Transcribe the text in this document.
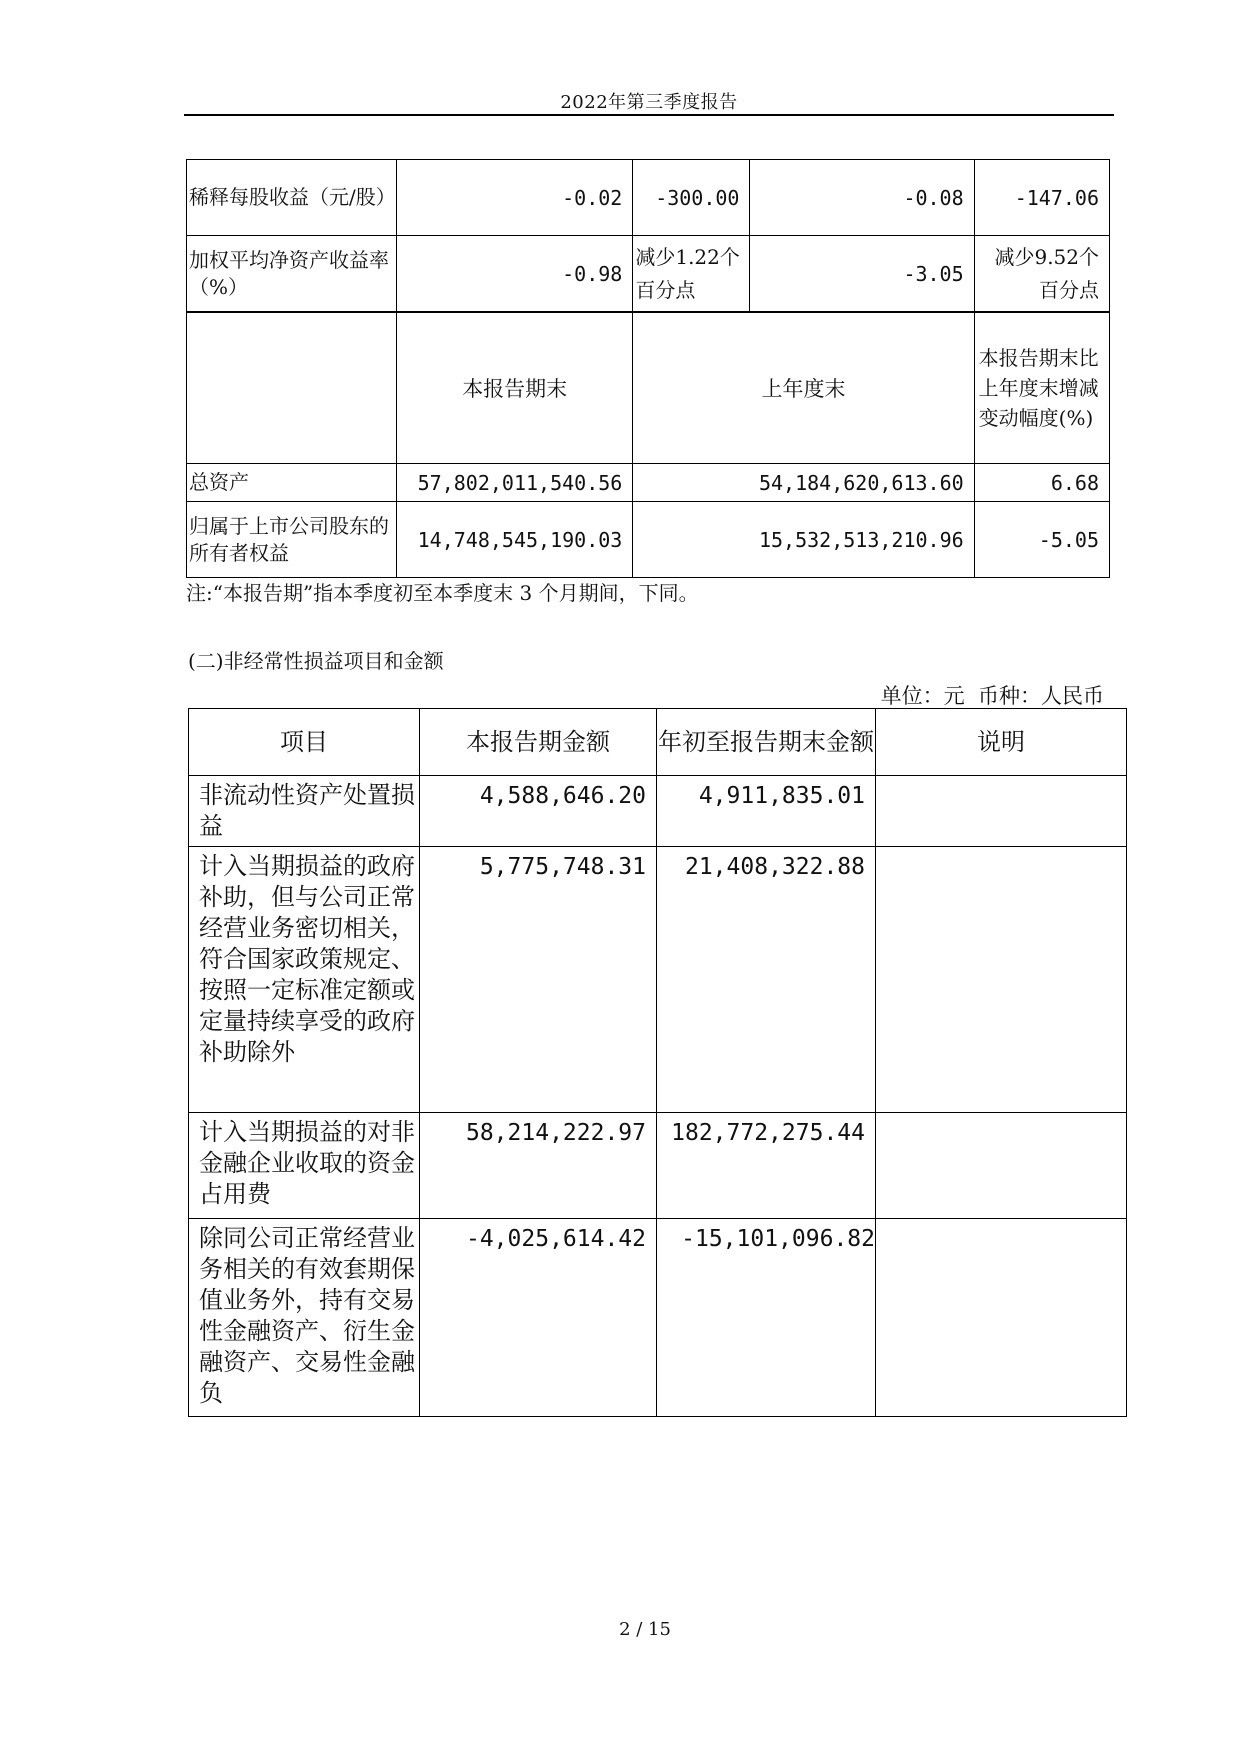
2022年第三季度报告
稀释每股收益（元/股）	-0.02	-300.00	-0.08	-147.06
加权平均净资产收益率（%）	-0.98	减少1.22个百分点	-3.05	减少9.52个百分点
	本报告期末	上年度末		本报告期末比上年度末增减变动幅度(%)
总资产	57,802,011,540.56	54,184,620,613.60		6.68
归属于上市公司股东的所有者权益	14,748,545,190.03	15,532,513,210.96		-5.05
注:“本报告期”指本季度初至本季度末 3 个月期间，下同。
(二)非经常性损益项目和金额
单位：元  币种：人民币
项目	本报告期金额	年初至报告期末金额	说明
非流动性资产处置损益	4,588,646.20	4,911,835.01	
计入当期损益的政府补助，但与公司正常经营业务密切相关，符合国家政策规定、按照一定标准定额或定量持续享受的政府补助除外	5,775,748.31	21,408,322.88	
计入当期损益的对非金融企业收取的资金占用费	58,214,222.97	182,772,275.44	
除同公司正常经营业务相关的有效套期保值业务外，持有交易性金融资产、衍生金融资产、交易性金融负	-4,025,614.42	-15,101,096.82	
2 / 15
